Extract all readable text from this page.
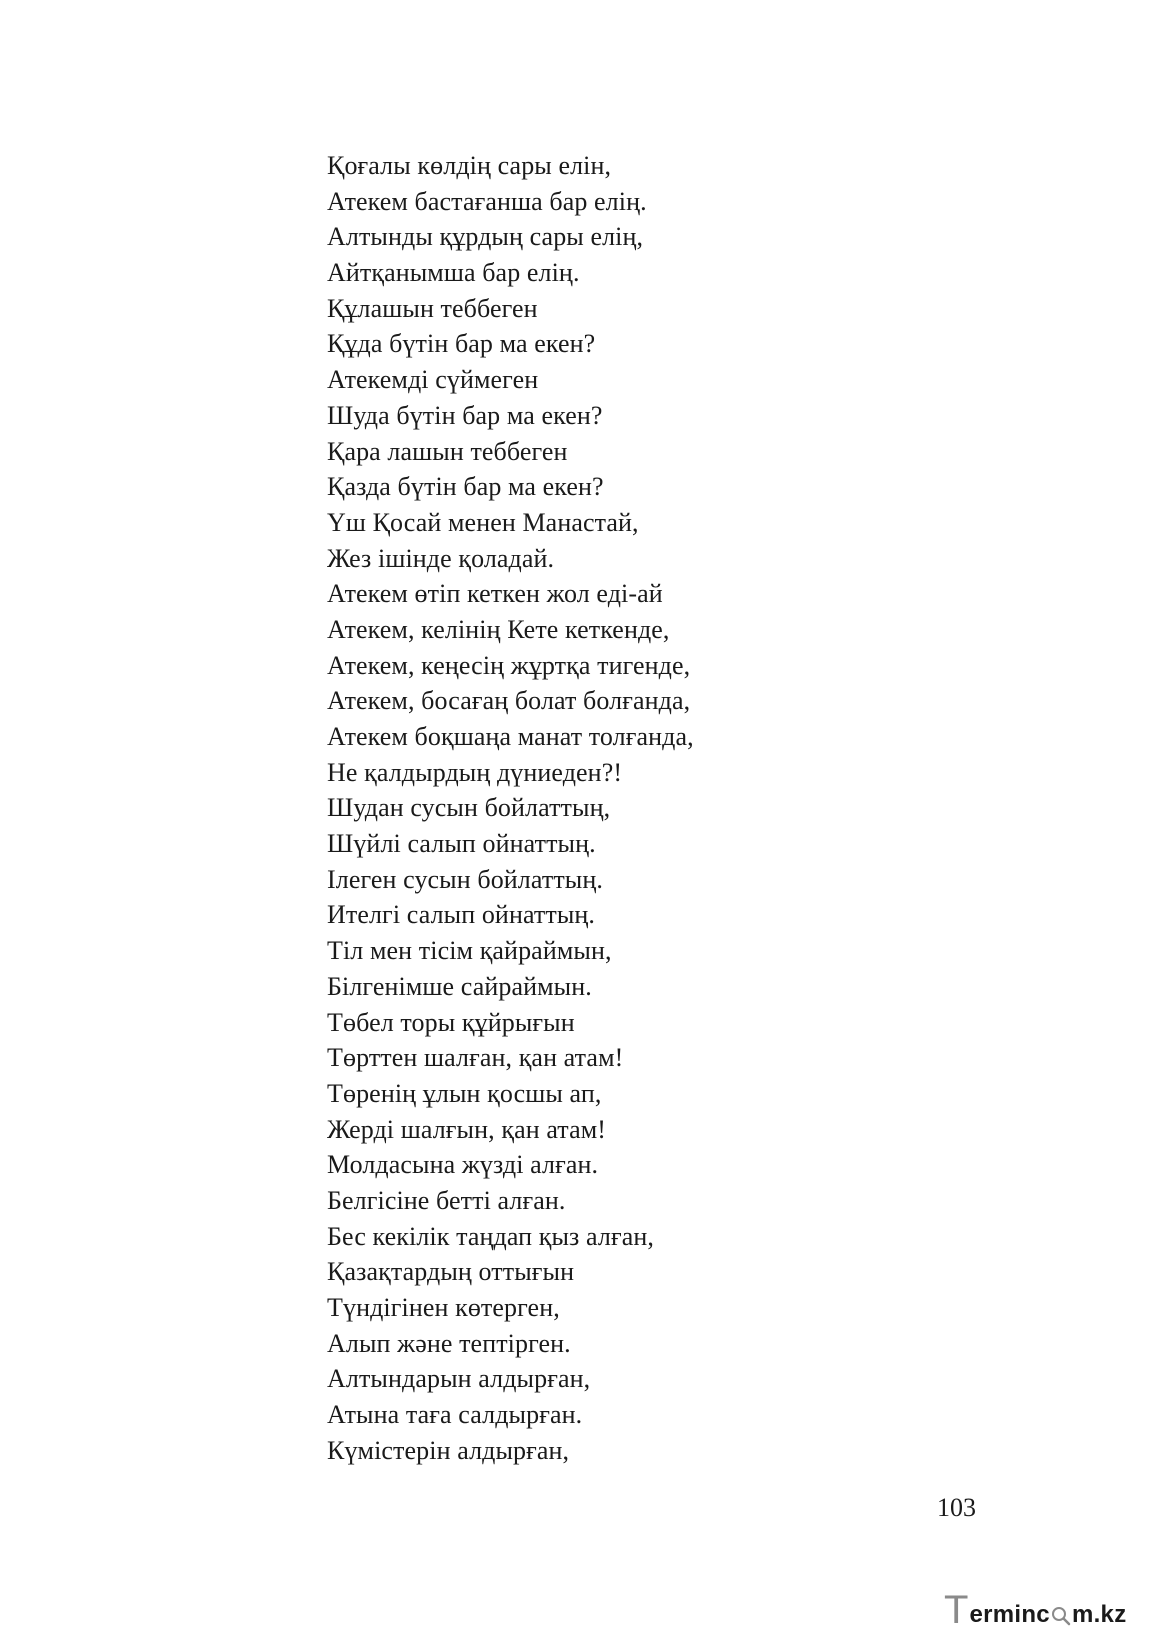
Қоғалы көлдің сары елін,
Атекем бастағанша бар елің.
Алтынды құрдың сары елің,
Айтқанымша бар елің.
Құлашын теббеген
Құда бүтін бар ма екен?
Атекемді сүймеген
Шуда бүтін бар ма екен?
Қара лашын теббеген
Қазда бүтін бар ма екен?
Үш Қосай менен Манастай,
Жез ішінде қоладай.
Атекем өтіп кеткен жол еді-ай
Атекем, келінің Кете кеткенде,
Атекем, кеңесің жұртқа тигенде,
Атекем, босағаң болат болғанда,
Атекем боқшаңа манат толғанда,
Не қалдырдың дүниеден?!
Шудан сусын бойлаттың,
Шүйлі салып ойнаттың.
Ілеген сусын бойлаттың.
Ителгі салып ойнаттың.
Тіл мен тісім қайраймын,
Білгенімше сайраймын.
Төбел торы құйрығын
Төрттен шалған, қан атам!
Төренің ұлын қосшы ап,
Жерді шалғын, қан атам!
Молдасына жүзді алған.
Белгісіне бетті алған.
Бес кекілік таңдап қыз алған,
Қазақтардың оттығын
Түндігінен көтерген,
Алып және тептірген.
Алтындарын алдырған,
Атына таға салдырған.
Күмістерін алдырған,
103
T erminc m.kz
